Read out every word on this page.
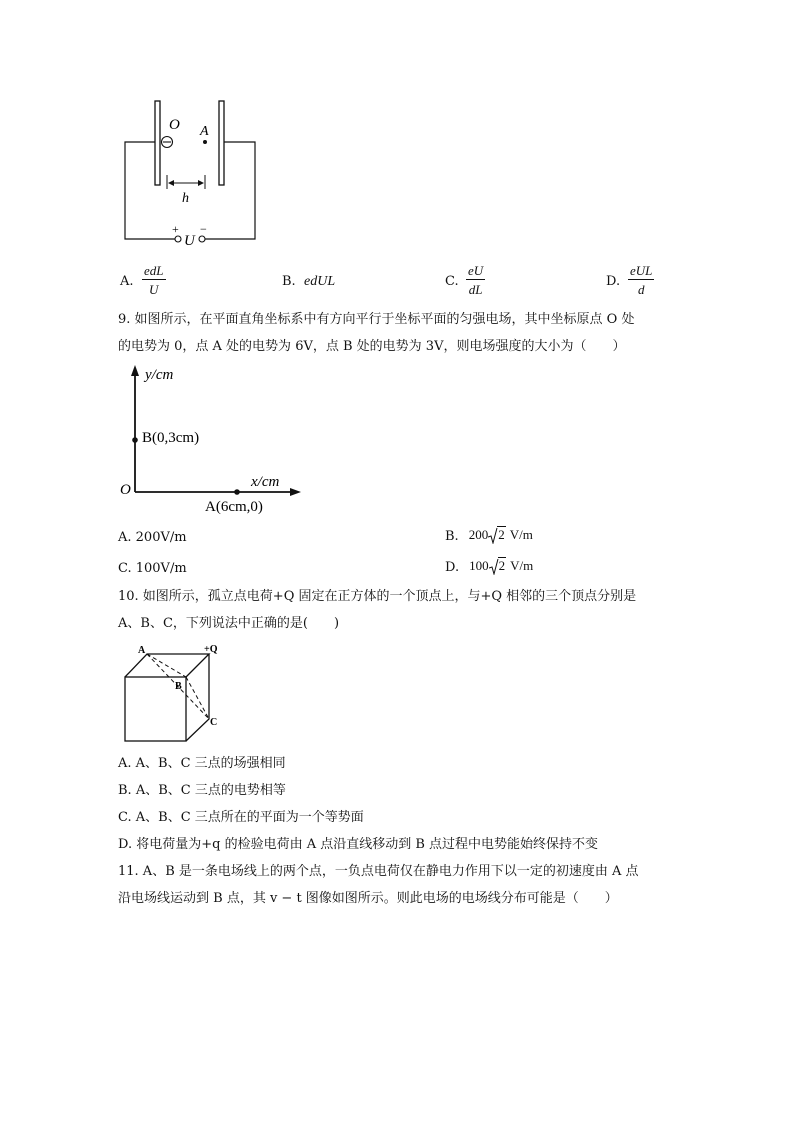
O A
h
+ −
U
A.
edL
U
B. edUL	C. $\frac{eU}{dL}$	D.
eUL
d
9. 如图所示，在平面直角坐标系中有方向平行于坐标平面的匀强电场，其中坐标原点 O 处
的电势为 0，点 A 处的电势为 6V，点 B 处的电势为 3V，则电场强度的大小为（　　）
y/cm
B(0,3cm)
O	x/cm
A(6cm,0)
A. 200V/m	B. 200 2 V/m
C. 100V/m	D. 100 2 V/m
10. 如图所示，孤立点电荷+Q 固定在正方体的一个顶点上，与+Q 相邻的三个顶点分别是
A、B、C，下列说法中正确的是(　　)
A	+Q
B
C
A. A、B、C 三点的场强相同
B. A、B、C 三点的电势相等
C. A、B、C 三点所在的平面为一个等势面
D. 将电荷量为+q 的检验电荷由 A 点沿直线移动到 B 点过程中电势能始终保持不变
11. A、B 是一条电场线上的两个点，一负点电荷仅在静电力作用下以一定的初速度由 A 点
沿电场线运动到 B 点，其 v − t 图像如图所示。则此电场的电场线分布可能是（　　）
